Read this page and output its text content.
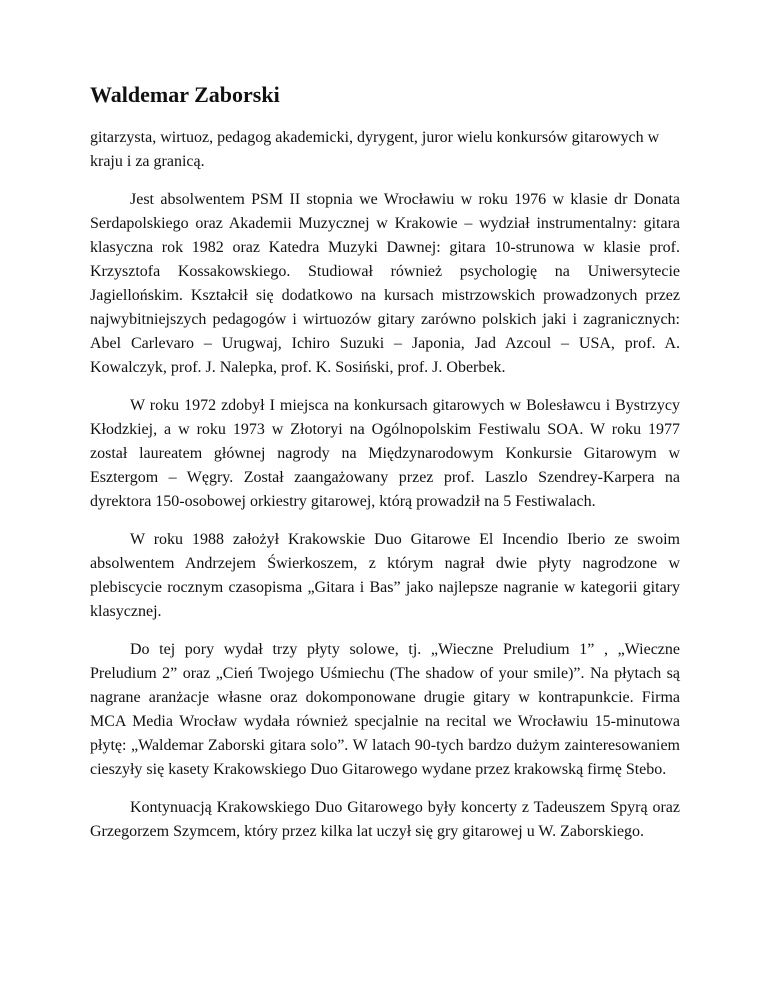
Waldemar Zaborski

gitarzysta, wirtuoz, pedagog akademicki, dyrygent, juror wielu konkursów gitarowych w kraju i za granicą.

Jest absolwentem PSM II stopnia we Wrocławiu w roku 1976 w klasie dr Donata Serdapolskiego oraz Akademii Muzycznej w Krakowie – wydział instrumentalny: gitara klasyczna rok 1982 oraz Katedra Muzyki Dawnej: gitara 10-strunowa w klasie prof. Krzysztofa Kossakowskiego. Studiował również psychologię na Uniwersytecie Jagiellońskim. Kształcił się dodatkowo na kursach mistrzowskich prowadzonych przez najwybitniejszych pedagogów i wirtuozów gitary zarówno polskich jaki i zagranicznych: Abel Carlevaro – Urugwaj, Ichiro Suzuki – Japonia, Jad Azcoul – USA, prof. A. Kowalczyk, prof. J. Nalepka, prof. K. Sosiński, prof. J. Oberbek.

W roku 1972 zdobył I miejsca na konkursach gitarowych w Bolesławcu i Bystrzycy Kłodzkiej, a w roku 1973 w Złotoryi na Ogólnopolskim Festiwalu SOA. W roku 1977 został laureatem głównej nagrody na Międzynarodowym Konkursie Gitarowym w Esztergom – Węgry. Został zaangażowany przez prof. Laszlo Szendrey-Karpera na dyrektora 150-osobowej orkiestry gitarowej, którą prowadził na 5 Festiwalach.

W roku 1988 założył Krakowskie Duo Gitarowe El Incendio Iberio ze swoim absolwentem Andrzejem Świerkoszem, z którym nagrał dwie płyty nagrodzone w plebiscycie rocznym czasopisma „Gitara i Bas” jako najlepsze nagranie w kategorii gitary klasycznej.

Do tej pory wydał trzy płyty solowe, tj. „Wieczne Preludium 1” , „Wieczne Preludium 2” oraz „Cień Twojego Uśmiechu (The shadow of your smile)”. Na płytach są nagrane aranżacje własne oraz dokomponowane drugie gitary w kontrapunkcie. Firma MCA Media Wrocław wydała również specjalnie na recital we Wrocławiu 15-minutowa płytę: „Waldemar Zaborski gitara solo”. W latach 90-tych bardzo dużym zainteresowaniem cieszyły się kasety Krakowskiego Duo Gitarowego wydane przez krakowską firmę Stebo.

Kontynuacją Krakowskiego Duo Gitarowego były koncerty z Tadeuszem Spyrą oraz Grzegorzem Szymcem, który przez kilka lat uczył się gry gitarowej u W. Zaborskiego.
